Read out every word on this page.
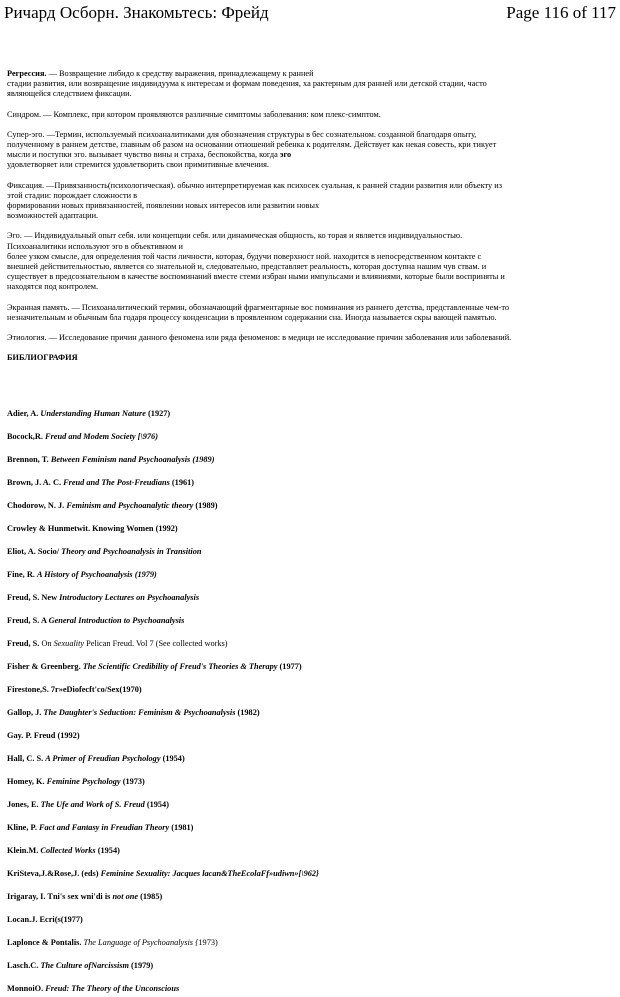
Ричард Осборн. Знакомьтесь: Фрейд	Page 116 of 117

Регрессия. — Возвращение либидо к средству выражения, принадлежащему к ранней

стадии развития, или возвращение индивидуума к интересам и формам поведения, ха рактерным для ранней или детской стадии, часто

являющейся следствием фиксации.

Синдром. — Комплекс, при котором проявляются различные симптомы заболевания: ком плекс-симптом.

Супер-эго. —Термин, используемый психоаналитиками для обозначения структуры в бес сознательном. созданной благодаря опыту,

полученному в раннем детстве, главным об разом на основании отношений ребенка к родителям. Действует как некая совесть, кри тикует

мысли и поступки эго. вызывает чувство вины и страха, беспокойства, когда эго

удовлетворяет или стремится удовлетворить свои примитивные влечения.

Фиксация. —Привязанность(психологическая). обычно интерпретируемая как психосек суальная, к ранней стадии развития или объекту из

этой стадии: порождает сложности в

формировании новых привязанностей, появлении новых интересов или развитии новых

возможностей адаптации.

Эго. — Индивидуальный опыт себя. или концепции себя. или динамическая общность, ко торая и является индивидуальностью.

Психоаналитики используют эго в объективном и

более узком смысле, для определения той части личности, которая, будучи поверхност ной. находится в непосредственном контакте с

внешней действительностью, является со знательной и, следовательно, представляет реальность, которая доступна нашим чув ствам. и

существует в предсознательном в качестве воспоминаний вместе стеми избран ными импульсами и влияниями, которые были восприняты и

находятся под контролем.

Экранная память. — Психоаналитический термин, обозначающий фрагментарные вос поминания из раннего детства, представленные чем-то

незначительным и обычным бла годаря процессу конденсации в проявленном содержании сна. Иногда называется скры вающей памятью.

Этиология. — Исследование причин данного феномена или ряда феноменов: в медици не исследование причин заболевания или заболеваний.

БИБЛИОГРАФИЯ

Adier, A. Understanding Human Nature (1927)

Bocock,R. Freud and Modem Society [\976)

Brennon, T. Between Feminism nand Psychoanalysis (1989)

Brown, J. A. C. Freud and The Post-Freudians (1961)

Chodorow, N. J. Feminism and Psychoanalytic theory (1989)

Crowley & Hunmetwit. Knowing Women (1992)

Eliot, A. Socio/ Theory and Psychoanalysis in Transition

Fine, R. A History of Psychoanalysis (1979)

Freud, S. New Introductory Lectures on Psychoanalysis

Freud, S. A General Introduction to Psychoanalysis

Freud, S. On Sexuality Pelican Freud. Vol 7 (See collected works)

Fisher & Greenberg. The Scientific Credibility of Freud's Theories & Therapy (1977)

Firestone,S. 7r»eDiofecft'co/Sex(1970)

Gallop, J. The Daughter's Seduction: Feminism & Psychoanalysis (1982)

Gay. P. Freud (1992)

Hall, C. S. A Primer of Freudian Psychology (1954)

Homey, K. Feminine Psychology (1973)

Jones, E. The Ufe and Work of S. Freud (1954)

Kline, P. Fact and Fantasy in Freudian Theory (1981)

Klein.M. Collected Works (1954)

KriSteva,J.&Rose,J. (eds) Feminine Sexuality: Jacques lacan&TheEcolaFf»udiwn»[\962}

Irigaray, I. Tni's sex wni'di is not one (1985)

Locan.J. Ecri(s(1977)

Laplonce & Pontalis. The Language of Psychoanalysis {1973)

Lasch.C. The Culture ofNarcissism (1979)

MonnoiO. Freud: The Theory of the Unconscious
